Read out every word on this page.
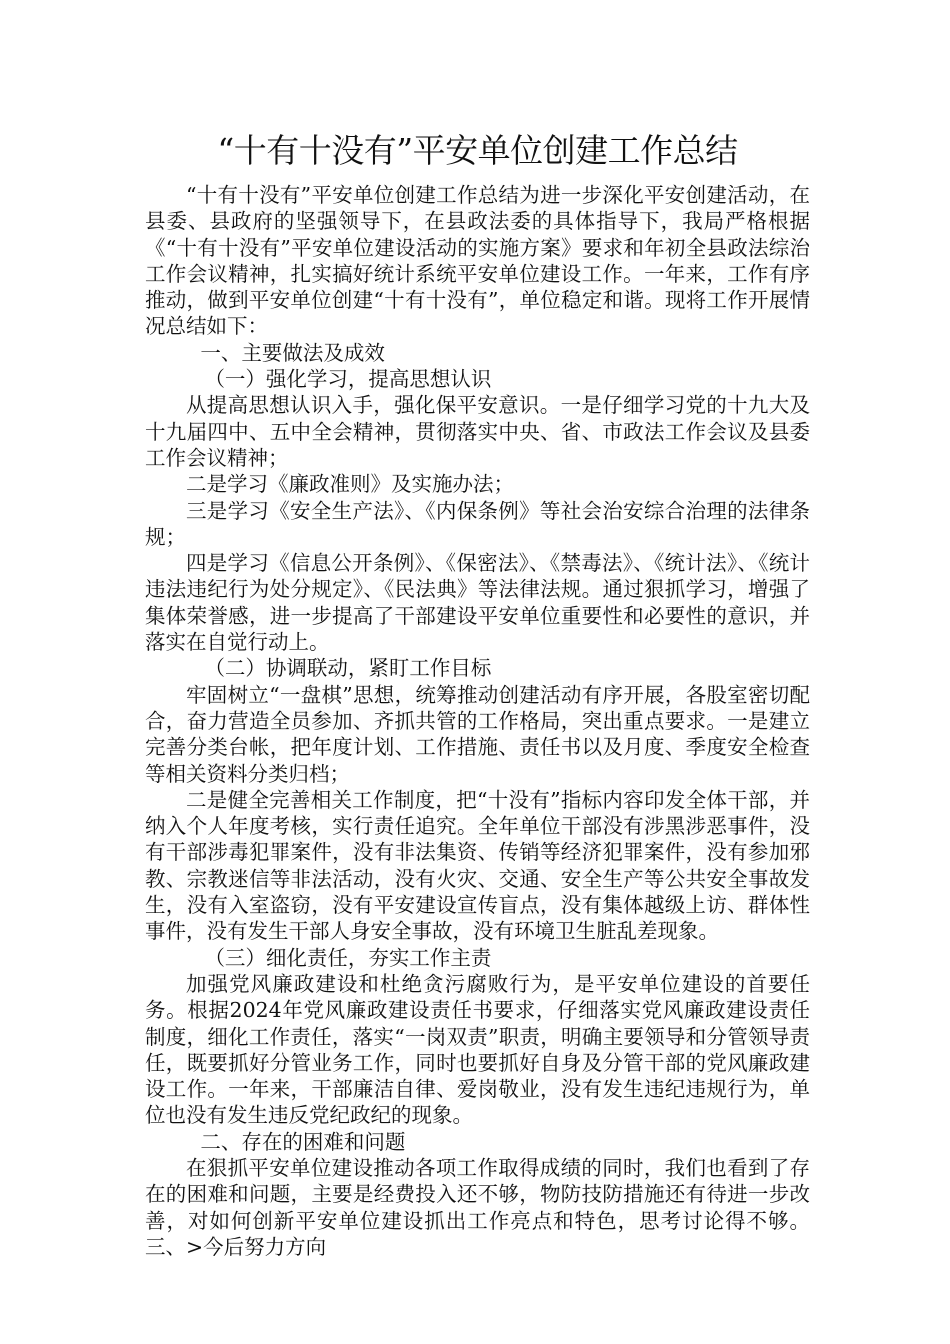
“十有十没有”平安单位创建工作总结

“十有十没有”平安单位创建工作总结为进一步深化平安创建活动，在县委、县政府的坚强领导下，在县政法委的具体指导下，我局严格根据《“十有十没有”平安单位建设活动的实施方案》要求和年初全县政法综治工作会议精神，扎实搞好统计系统平安单位建设工作。一年来，工作有序推动，做到平安单位创建“十有十没有”，单位稳定和谐。现将工作开展情况总结如下：

一、主要做法及成效

（一）强化学习，提高思想认识

从提高思想认识入手，强化保平安意识。一是仔细学习党的十九大及十九届四中、五中全会精神，贯彻落实中央、省、市政法工作会议及县委工作会议精神；

二是学习《廉政准则》及实施办法；

三是学习《安全生产法》、《内保条例》等社会治安综合治理的法律条规；

四是学习《信息公开条例》、《保密法》、《禁毒法》、《统计法》、《统计违法违纪行为处分规定》、《民法典》等法律法规。通过狠抓学习，增强了集体荣誉感，进一步提高了干部建设平安单位重要性和必要性的意识，并落实在自觉行动上。

（二）协调联动，紧盯工作目标

牢固树立“一盘棋”思想，统筹推动创建活动有序开展，各股室密切配合，奋力营造全员参加、齐抓共管的工作格局，突出重点要求。一是建立完善分类台帐，把年度计划、工作措施、责任书以及月度、季度安全检查等相关资料分类归档；

二是健全完善相关工作制度，把“十没有”指标内容印发全体干部，并纳入个人年度考核，实行责任追究。全年单位干部没有涉黑涉恶事件，没有干部涉毒犯罪案件，没有非法集资、传销等经济犯罪案件，没有参加邪教、宗教迷信等非法活动，没有火灾、交通、安全生产等公共安全事故发生，没有入室盗窃，没有平安建设宣传盲点，没有集体越级上访、群体性事件，没有发生干部人身安全事故，没有环境卫生脏乱差现象。

（三）细化责任，夯实工作主责

加强党风廉政建设和杜绝贪污腐败行为，是平安单位建设的首要任务。根据2024年党风廉政建设责任书要求，仔细落实党风廉政建设责任制度，细化工作责任，落实“一岗双责”职责，明确主要领导和分管领导责任，既要抓好分管业务工作，同时也要抓好自身及分管干部的党风廉政建设工作。一年来，干部廉洁自律、爱岗敬业，没有发生违纪违规行为，单位也没有发生违反党纪政纪的现象。

二、存在的困难和问题

在狠抓平安单位建设推动各项工作取得成绩的同时，我们也看到了存在的困难和问题，主要是经费投入还不够，物防技防措施还有待进一步改善，对如何创新平安单位建设抓出工作亮点和特色，思考讨论得不够。三、>今后努力方向
